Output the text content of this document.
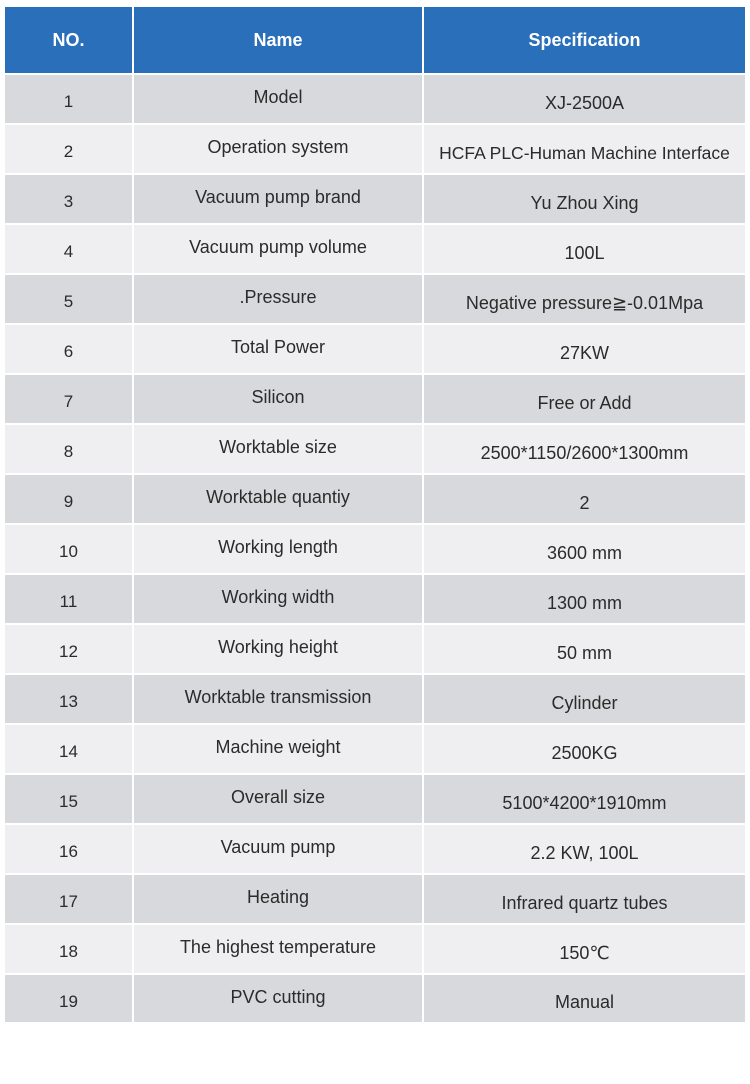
NO.	Name	Specification
1	Model	XJ-2500A
2	Operation system	HCFA PLC-Human Machine Interface
3	Vacuum pump brand	Yu Zhou Xing
4	Vacuum pump volume	100L
5	.Pressure	Negative pressure≧-0.01Mpa
6	Total Power	27KW
7	Silicon	Free or Add
8	Worktable size	2500*1150/2600*1300mm
9	Worktable quantiy	2
10	Working length	3600 mm
11	Working width	1300 mm
12	Working height	50 mm
13	Worktable transmission	Cylinder
14	Machine weight	2500KG
15	Overall size	5100*4200*1910mm
16	Vacuum pump	2.2 KW, 100L
17	Heating	Infrared quartz tubes
18	The highest temperature	150℃
19	PVC cutting	Manual
